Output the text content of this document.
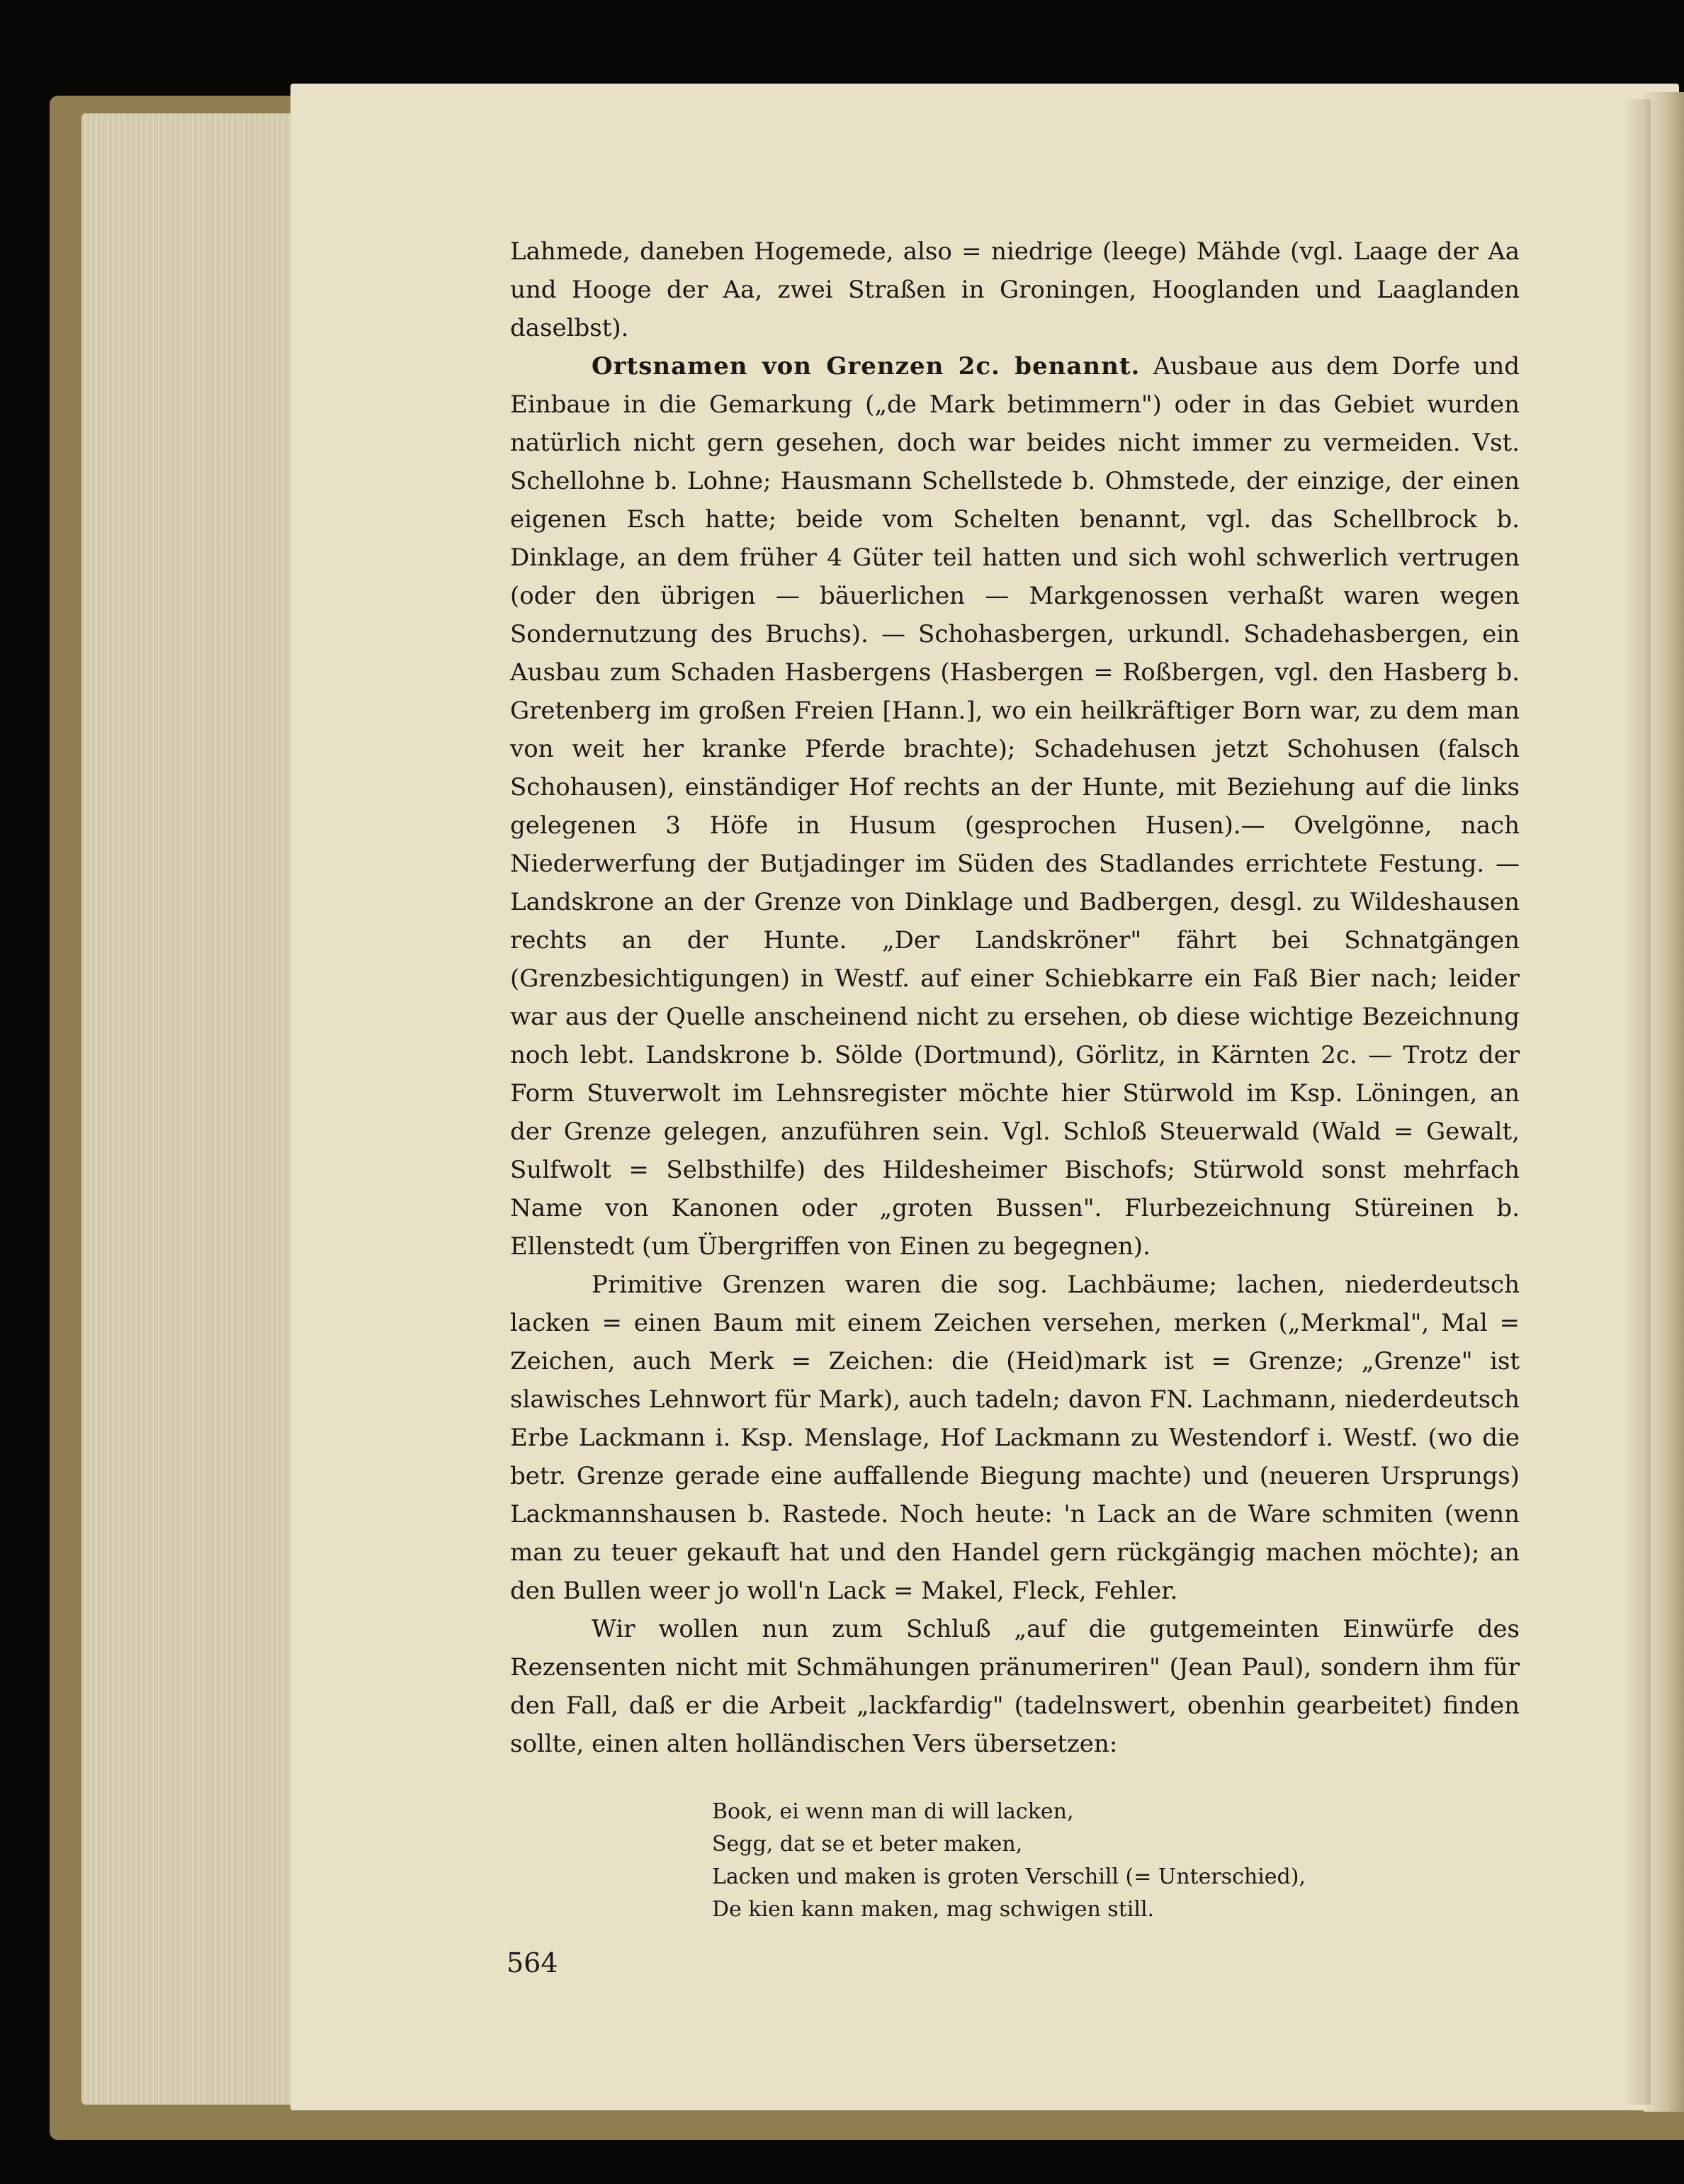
Lahmede, daneben Hogemede, also = niedrige (leege) Mähde (vgl. Laage der Aa und Hooge der Aa, zwei Straßen in Groningen, Hooglanden und Laaglanden daselbst).

Ortsnamen von Grenzen 2c. benannt. Ausbaue aus dem Dorfe und Einbaue in die Gemarkung („de Mark betimmern") oder in das Gebiet wurden natürlich nicht gern gesehen, doch war beides nicht immer zu vermeiden. Vst. Schellohne b. Lohne; Hausmann Schellstede b. Ohmstede, der einzige, der einen eigenen Esch hatte; beide vom Schelten benannt, vgl. das Schellbrock b. Dinklage, an dem früher 4 Güter teil hatten und sich wohl schwerlich vertrugen (oder den übrigen — bäuerlichen — Markgenossen verhaßt waren wegen Sondernutzung des Bruchs). — Schohasbergen, urkundl. Schadehasbergen, ein Ausbau zum Schaden Hasbergens (Hasbergen = Roßbergen, vgl. den Hasberg b. Gretenberg im großen Freien [Hann.], wo ein heilkräftiger Born war, zu dem man von weit her kranke Pferde brachte); Schadehusen jetzt Schohusen (falsch Schohausen), einständiger Hof rechts an der Hunte, mit Beziehung auf die links gelegenen 3 Höfe in Husum (gesprochen Husen).— Ovelgönne, nach Niederwerfung der Butjadinger im Süden des Stadlandes errichtete Festung. — Landskrone an der Grenze von Dinklage und Badbergen, desgl. zu Wildeshausen rechts an der Hunte. „Der Landskröner" fährt bei Schnatgängen (Grenzbesichtigungen) in Westf. auf einer Schiebkarre ein Faß Bier nach; leider war aus der Quelle anscheinend nicht zu ersehen, ob diese wichtige Bezeichnung noch lebt. Landskrone b. Sölde (Dortmund), Görlitz, in Kärnten 2c. — Trotz der Form Stuverwolt im Lehnsregister möchte hier Stürwold im Ksp. Löningen, an der Grenze gelegen, anzuführen sein. Vgl. Schloß Steuerwald (Wald = Gewalt, Sulfwolt = Selbsthilfe) des Hildesheimer Bischofs; Stürwold sonst mehrfach Name von Kanonen oder „groten Bussen". Flurbezeichnung Stüreinen b. Ellenstedt (um Übergriffen von Einen zu begegnen).

Primitive Grenzen waren die sog. Lachbäume; lachen, niederdeutsch lacken = einen Baum mit einem Zeichen versehen, merken („Merkmal", Mal = Zeichen, auch Merk = Zeichen: die (Heid)mark ist = Grenze; „Grenze" ist slawisches Lehnwort für Mark), auch tadeln; davon FN. Lachmann, niederdeutsch Erbe Lackmann i. Ksp. Menslage, Hof Lackmann zu Westendorf i. Westf. (wo die betr. Grenze gerade eine auffallende Biegung machte) und (neueren Ursprungs) Lackmannshausen b. Rastede. Noch heute: 'n Lack an de Ware schmiten (wenn man zu teuer gekauft hat und den Handel gern rückgängig machen möchte); an den Bullen weer jo woll'n Lack = Makel, Fleck, Fehler.

Wir wollen nun zum Schluß „auf die gutgemeinten Einwürfe des Rezensenten nicht mit Schmähungen pränumeriren" (Jean Paul), sondern ihm für den Fall, daß er die Arbeit „lackfardig" (tadelnswert, obenhin gearbeitet) finden sollte, einen alten holländischen Vers übersetzen:

Book, ei wenn man di will lacken,
Segg, dat se et beter maken,
Lacken und maken is groten Verschill (= Unterschied),
De kien kann maken, mag schwigen still.
564
